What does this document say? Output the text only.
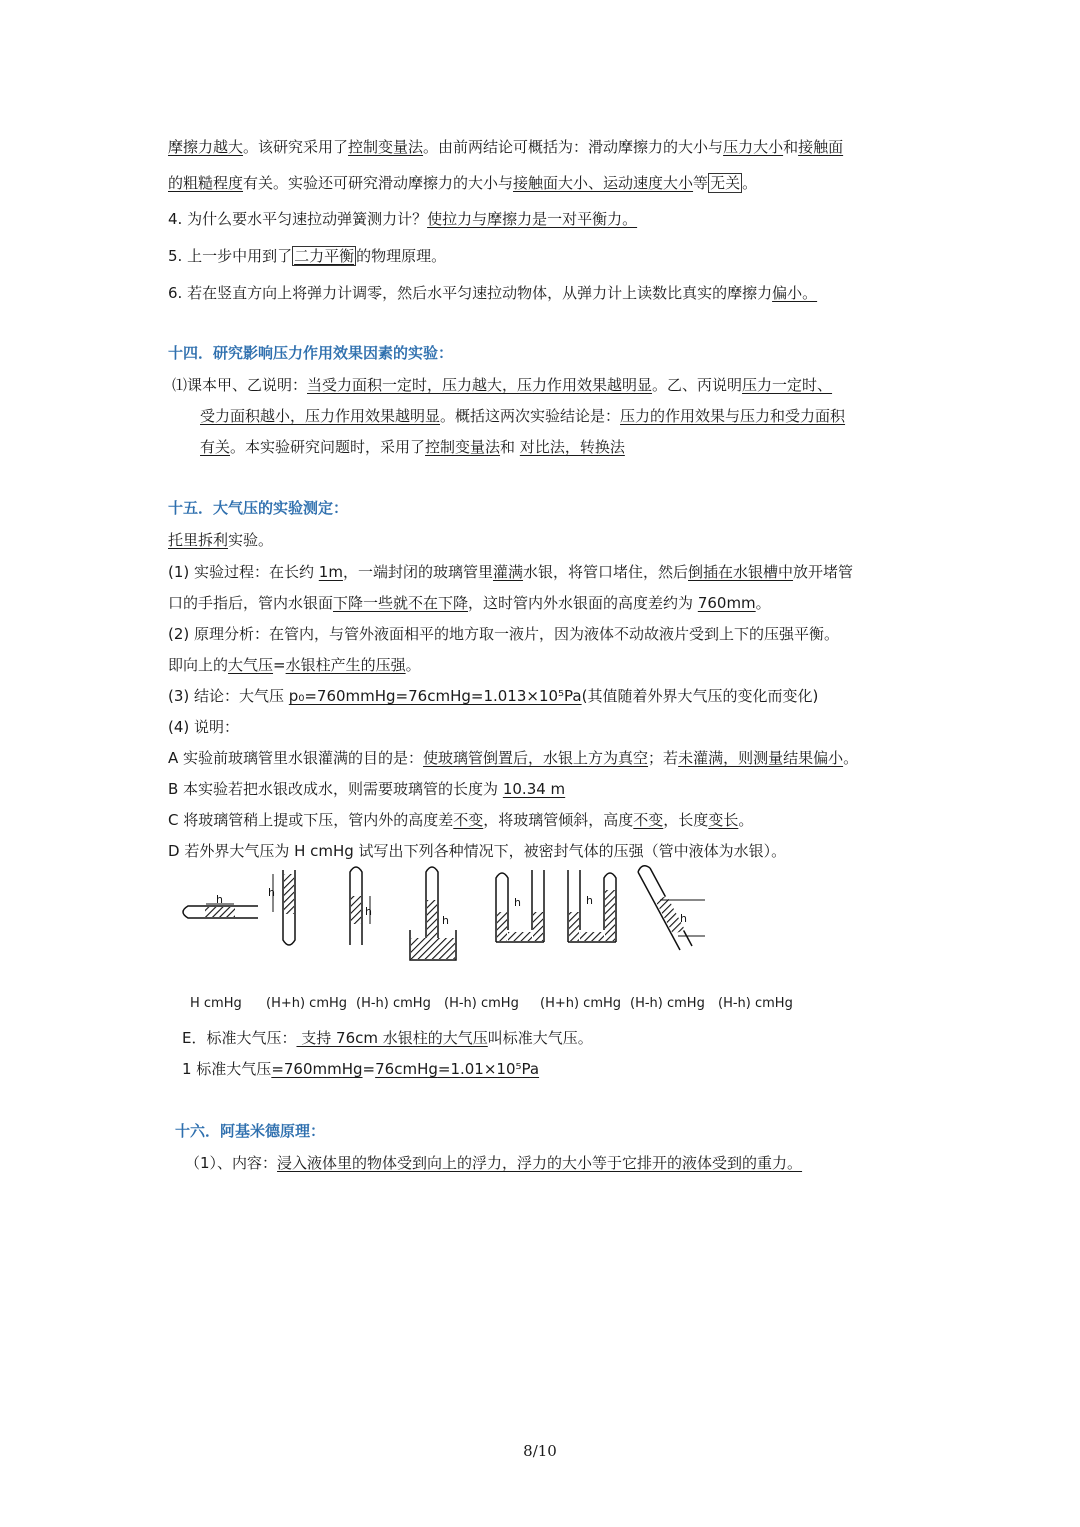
摩擦力越大。该研究采用了控制变量法。由前两结论可概括为：滑动摩擦力的大小与压力大小和接触面
的粗糙程度有关。实验还可研究滑动摩擦力的大小与接触面大小、运动速度大小等 无关 。
4. 为什么要水平匀速拉动弹簧测力计？使拉力与摩擦力是一对平衡力。
5. 上一步中用到了 二力平衡 的物理原理。
6. 若在竖直方向上将弹力计调零，然后水平匀速拉动物体，从弹力计上读数比真实的摩擦力偏小。
十四．研究影响压力作用效果因素的实验：
⑴课本甲、乙说明：当受力面积一定时，压力越大，压力作用效果越明显。乙、丙说明压力一定时、
受力面积越小，压力作用效果越明显。概括这两次实验结论是：压力的作用效果与压力和受力面积
有关。本实验研究问题时，采用了控制变量法和 对比法，转换法
十五．大气压的实验测定：
托里拆利实验。
(1) 实验过程：在长约 1m，一端封闭的玻璃管里灌满水银，将管口堵住，然后倒插在水银槽中放开堵管
口的手指后，管内水银面下降一些就不在下降，这时管内外水银面的高度差约为 760mm。
(2) 原理分析：在管内，与管外液面相平的地方取一液片，因为液体不动故液片受到上下的压强平衡。
即向上的大气压=水银柱产生的压强。
(3) 结论：大气压 p₀=760mmHg=76cmHg=1.013×10⁵Pa(其值随着外界大气压的变化而变化)
(4) 说明：
A 实验前玻璃管里水银灌满的目的是：使玻璃管倒置后，水银上方为真空；若未灌满，则测量结果偏小。
B 本实验若把水银改成水，则需要玻璃管的长度为 10.34 m
C 将玻璃管稍上提或下压，管内外的高度差不变，将玻璃管倾斜，高度不变，长度变长。
D 若外界大气压为 H cmHg 试写出下列各种情况下，被密封气体的压强（管中液体为水银）。
h
h
h
h
h	h
h
H cmHg (H+h) cmHg (H-h) cmHg (H-h) cmHg (H+h) cmHg (H-h) cmHg (H-h) cmHg
E．标准大气压： 支持 76cm 水银柱的大气压叫标准大气压。
1 标准大气压=760mmHg=76cmHg=1.01×10⁵Pa
十六．阿基米德原理：
（1）、内容：浸入液体里的物体受到向上的浮力，浮力的大小等于它排开的液体受到的重力。
8/10
